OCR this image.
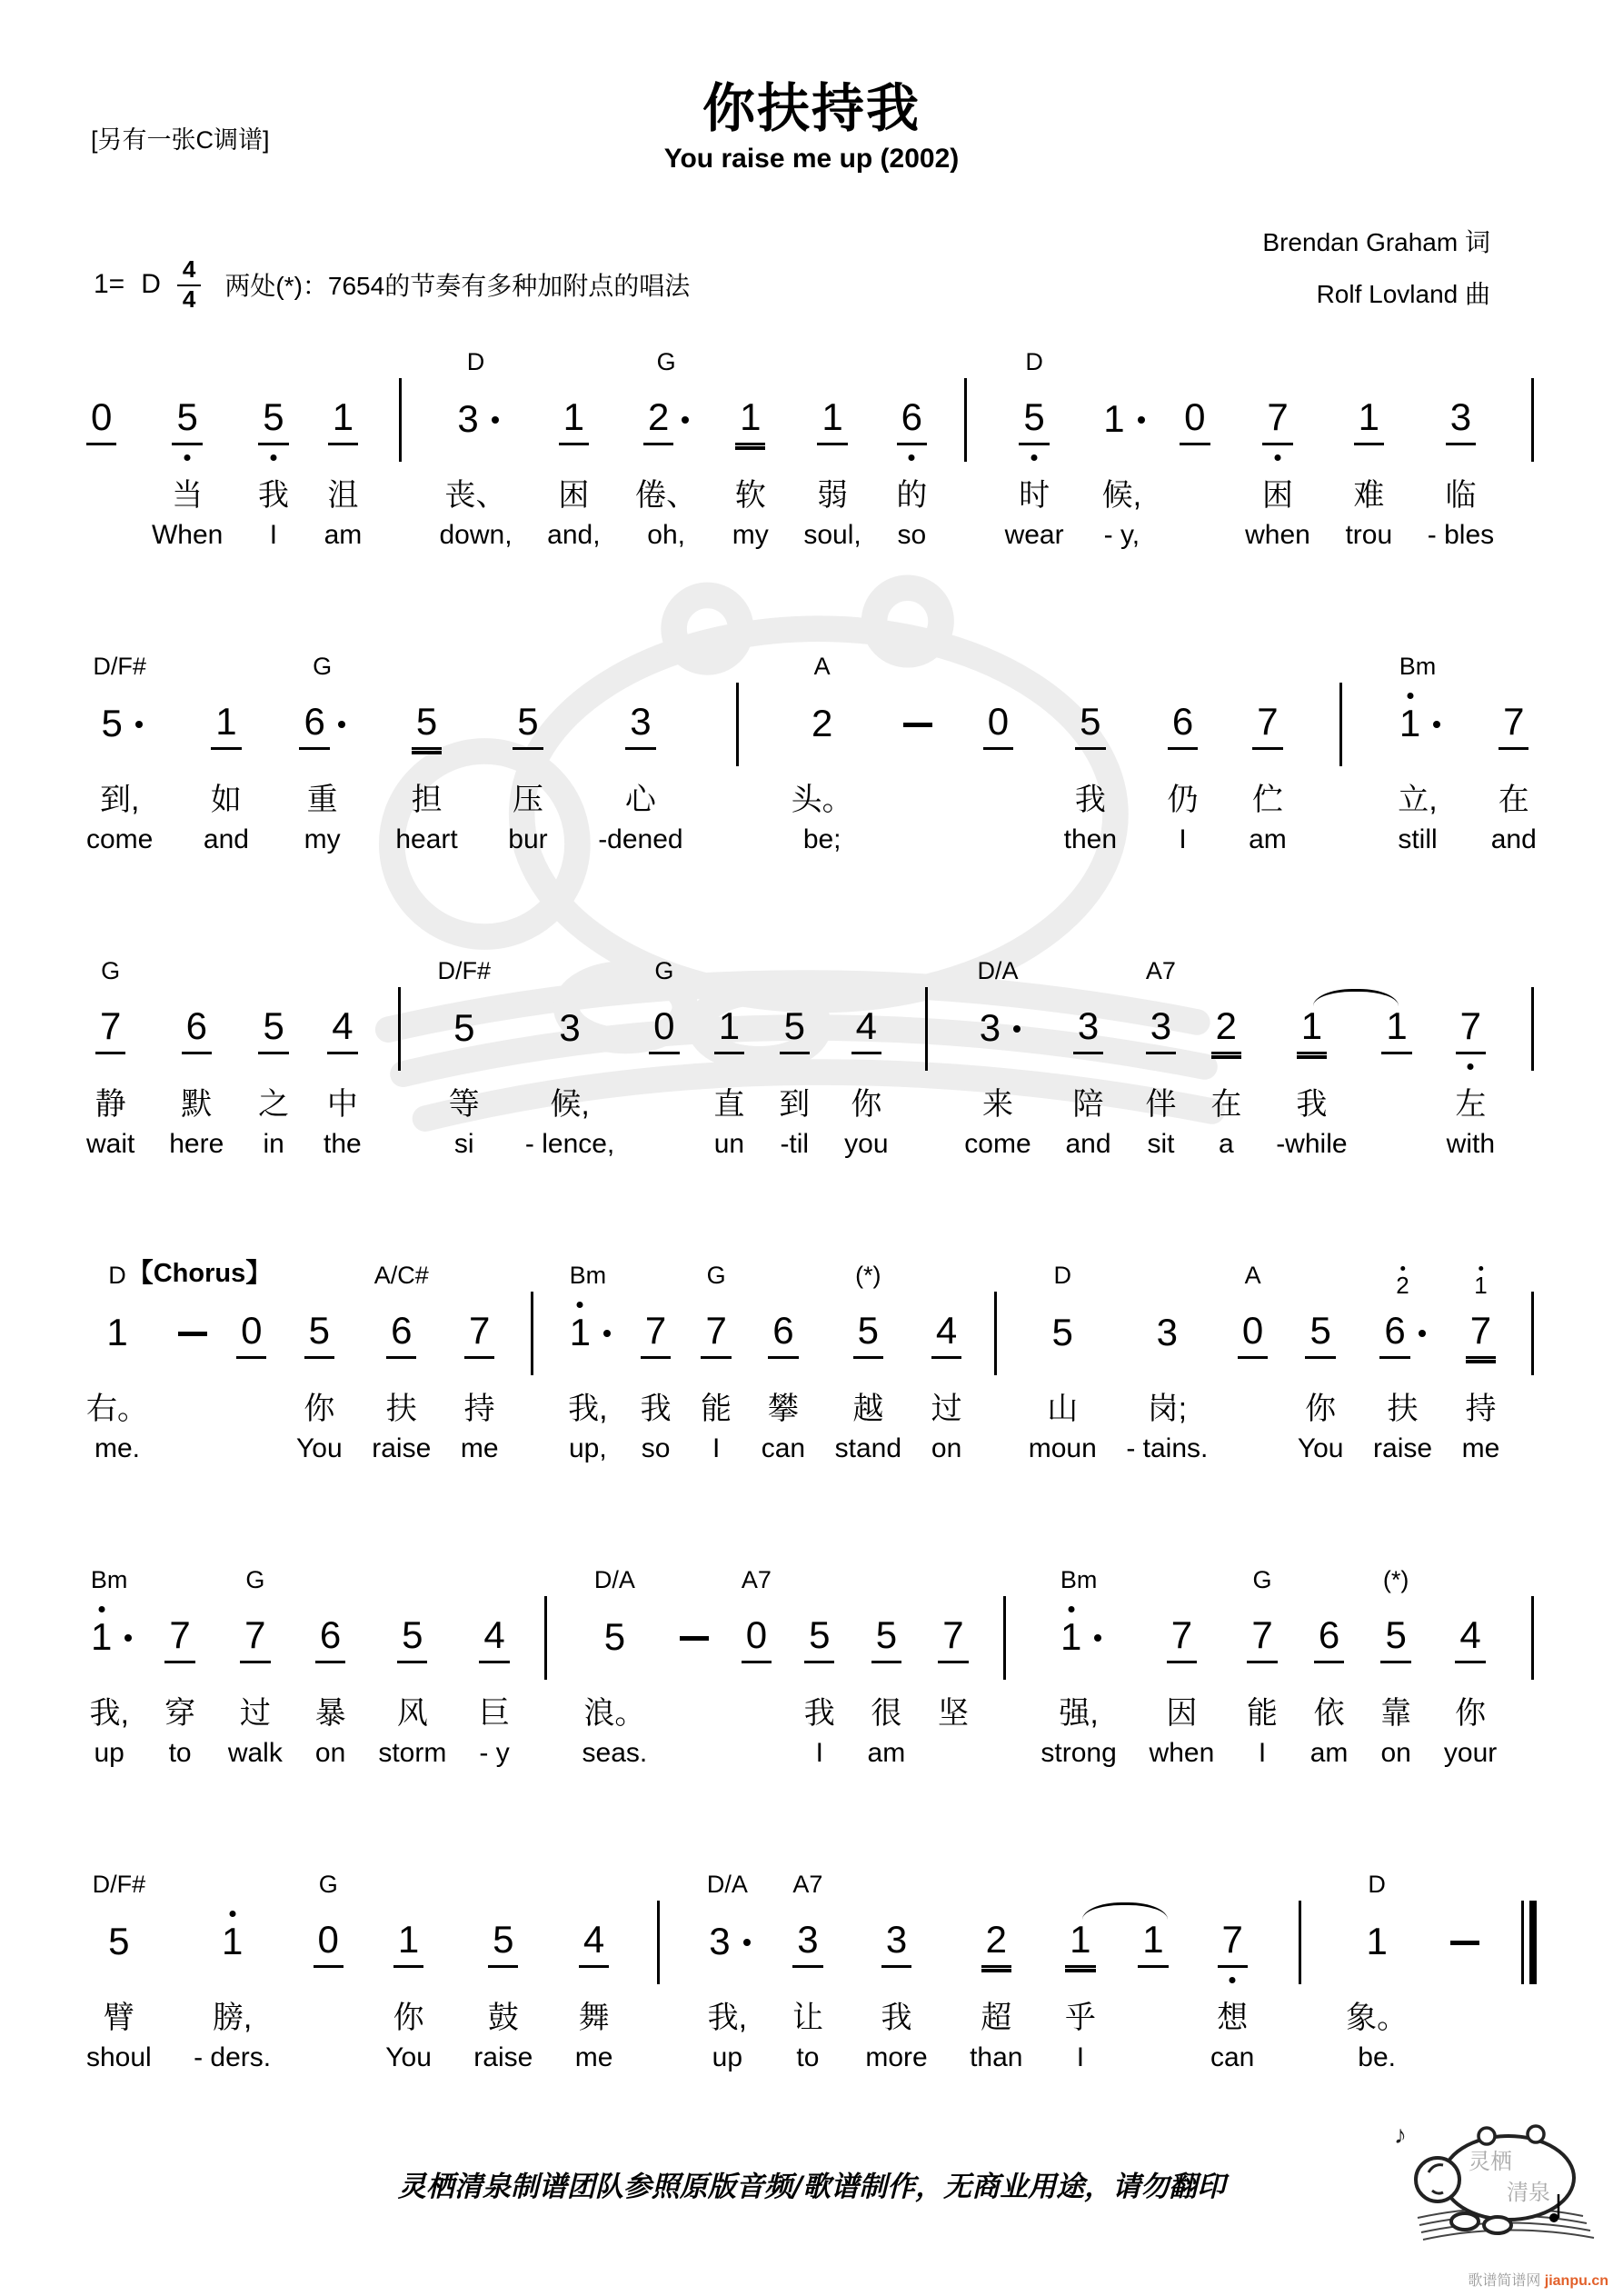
你扶持我
You raise me up (2002)
[另有一张C调谱]
Brendan Graham 词
Rolf Lovland 曲
1= D $\frac{4}{4}$ 两处(*)：7654的节奏有多种加附点的唱法
0 5
当
When
5
我
I
1
沮
am
D
3
丧、
down,
1
困
and,
G
2
倦、
oh,
1
软
my
1
弱
soul,
6
的
so
D
5
时
wear
1
候,
- y,
0 7
困
when
1
难
trou
3
临
- bles
D/F#
5
到,
come
1
如
and
G
6
重
my
5
担
heart
5
压
bur
3
心
-dened
A
2
头。
be;
0 5
我
then
6
仍
I
7
伫
am
Bm
1
立,
still
7
在
and
G
7
静
wait
6
默
here
5
之
in
4
中
the
D/F#
5
等
si
3
候,
- lence,
G
0 1
直
un
5
到
-til
4
你
you
D/A
3
来
come
3
陪
and
A7
3
伴
sit
2
在
a
1
我
-while
1 7
左
with
D 【Chorus】
1
右。
me.
0 5
你
You
A/C#
6
扶
raise
7
持
me
Bm
1
我,
up,
7
我
so
G
7
能
I
6
攀
can
(*)
5
越
stand
4
过
on
D
5
山
moun
3
岗;
- tains.
A
0 5
你
You
2
6
扶
raise
1
7
持
me
Bm
1
我,
up
7
穿
to
G
7
过
walk
6
暴
on
5
风
storm
4
巨
- y
D/A
5
浪。
seas.
A7
0 5
我
I
5
很
am
7
坚
Bm
1
强,
strong
7
因
when
G
7
能
I
6
依
am
(*)
5
靠
on
4
你
your
D/F#
5
臂
shoul
1
膀,
- ders.
G
0 1
你
You
5
鼓
raise
4
舞
me
D/A
3
我,
up
A7
3
让
to
3
我
more
2
超
than
1
乎
I
1 7
想
can
D
1
象。
be.
灵栖清泉制谱团队参照原版音频/歌谱制作，无商业用途，请勿翻印
灵栖
清泉
♪
歌谱简谱网 jianpu.cn
